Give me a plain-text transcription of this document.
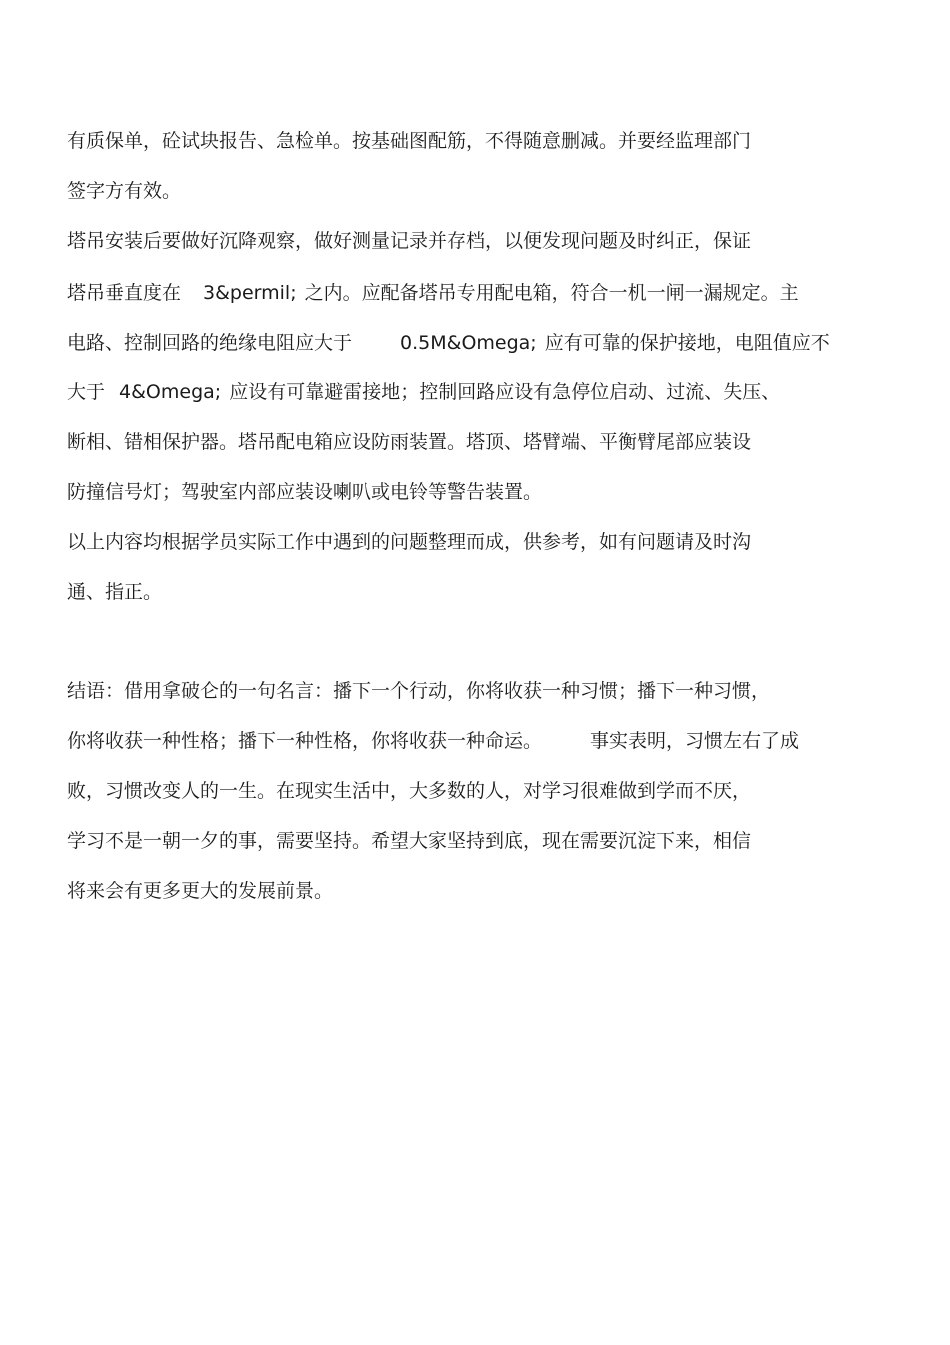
有质保单，砼试块报告、急检单。按基础图配筋，不得随意删减。并要经监理部门

签字方有效。

塔吊安装后要做好沉降观察，做好测量记录并存档，以便发现问题及时纠正，保证

塔吊垂直度在 3&permil; 之内。应配备塔吊专用配电箱，符合一机一闸一漏规定。主

电路、控制回路的绝缘电阻应大于	0.5M&Omega; 应有可靠的保护接地，电阻值应不

大于 4&Omega; 应设有可靠避雷接地；控制回路应设有急停位启动、过流、失压、

断相、错相保护器。塔吊配电箱应设防雨装置。塔顶、塔臂端、平衡臂尾部应装设

防撞信号灯；驾驶室内部应装设喇叭或电铃等警告装置。

以上内容均根据学员实际工作中遇到的问题整理而成，供参考，如有问题请及时沟

通、指正。

结语：借用拿破仑的一句名言：播下一个行动，你将收获一种习惯；播下一种习惯，

你将收获一种性格；播下一种性格，你将收获一种命运。	事实表明，习惯左右了成

败，习惯改变人的一生。在现实生活中，大多数的人，对学习很难做到学而不厌，

学习不是一朝一夕的事，需要坚持。希望大家坚持到底，现在需要沉淀下来，相信

将来会有更多更大的发展前景。
